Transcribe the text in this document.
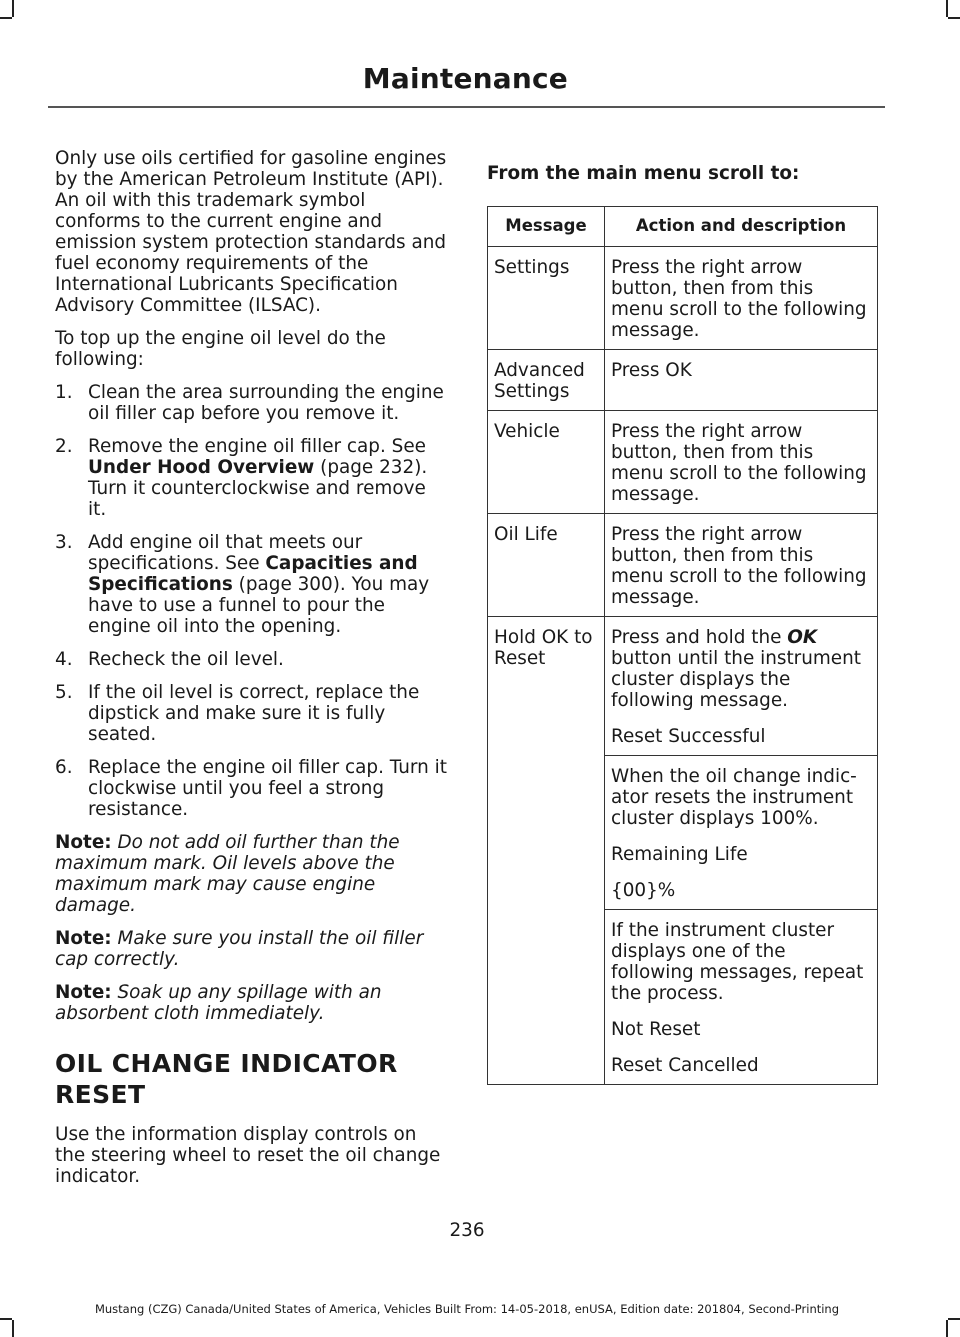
Maintenance

Only use oils certified for gasoline engines by the American Petroleum Institute (API). An oil with this trademark symbol conforms to the current engine and emission system protection standards and fuel economy requirements of the International Lubricants Specification Advisory Committee (ILSAC).

To top up the engine oil level do the following:

1. Clean the area surrounding the engine oil filler cap before you remove it.
2. Remove the engine oil filler cap. See Under Hood Overview (page 232). Turn it counterclockwise and remove it.
3. Add engine oil that meets our specifications. See Capacities and Specifications (page 300). You may have to use a funnel to pour the engine oil into the opening.
4. Recheck the oil level.
5. If the oil level is correct, replace the dipstick and make sure it is fully seated.
6. Replace the engine oil filler cap. Turn it clockwise until you feel a strong resistance.

Note: Do not add oil further than the maximum mark. Oil levels above the maximum mark may cause engine damage.

Note: Make sure you install the oil filler cap correctly.

Note: Soak up any spillage with an absorbent cloth immediately.

OIL CHANGE INDICATOR
RESET

Use the information display controls on the steering wheel to reset the oil change indicator.

From the main menu scroll to:

Message	Action and description
Settings	Press the right arrow button, then from this menu scroll to the following message.
Advanced Settings	Press OK
Vehicle	Press the right arrow button, then from this menu scroll to the following message.
Oil Life	Press the right arrow button, then from this menu scroll to the following message.
Hold OK to Reset	Press and hold the OK button until the instrument cluster displays the following message.

Reset Successful

	When the oil change indic-ator resets the instrument cluster displays 100%.

Remaining Life

{00}%

	If the instrument cluster displays one of the following messages, repeat the process.

Not Reset

Reset Cancelled

236
Mustang (CZG) Canada/United States of America, Vehicles Built From: 14-05-2018, enUSA, Edition date: 201804, Second-Printing
